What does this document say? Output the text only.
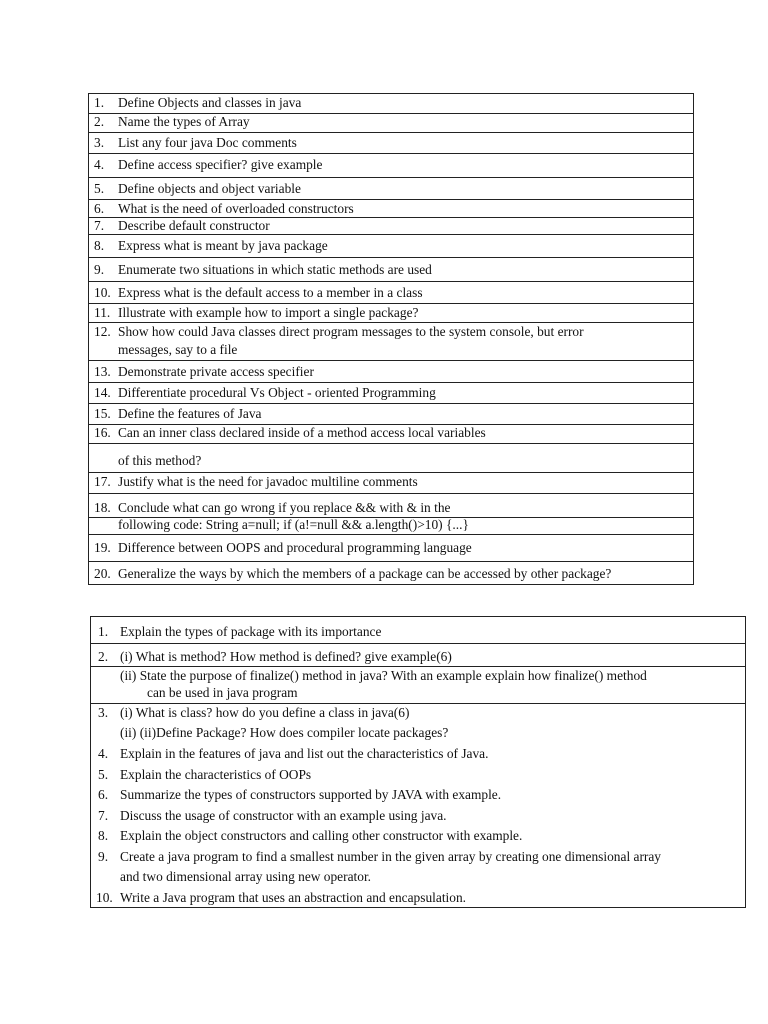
1. Define Objects and classes in java
2. Name the types of Array
3. List any four java Doc comments
4. Define access specifier? give example
5. Define objects and object variable
6. What is the need of overloaded constructors
7. Describe default constructor
8. Express what is meant by java package
9. Enumerate two situations in which static methods are used
10. Express what is the default access to a member in a class
11. Illustrate with example how to import a single package?
12. Show how could Java classes direct program messages to the system console, but error
messages, say to a file
13. Demonstrate private access specifier
14. Differentiate procedural Vs Object - oriented Programming
15. Define the features of Java
16. Can an inner class declared inside of a method access local variables
of this method?
17. Justify what is the need for javadoc multiline comments
18. Conclude what can go wrong if you replace && with & in the
following code: String a=null; if (a!=null && a.length()>10) {...}
19. Difference between OOPS and procedural programming language
20. Generalize the ways by which the members of a package can be accessed by other package?
1. Explain the types of package with its importance
2. (i) What is method? How method is defined? give example(6)
(ii) State the purpose of finalize() method in java? With an example explain how finalize() method
can be used in java program
3. (i) What is class? how do you define a class in java(6)
(ii) (ii)Define Package? How does compiler locate packages?
4. Explain in the features of java and list out the characteristics of Java.
5. Explain the characteristics of OOPs
6. Summarize the types of constructors supported by JAVA with example.
7. Discuss the usage of constructor with an example using java.
8. Explain the object constructors and calling other constructor with example.
9. Create a java program to find a smallest number in the given array by creating one dimensional array
and two dimensional array using new operator.
10. Write a Java program that uses an abstraction and encapsulation.
